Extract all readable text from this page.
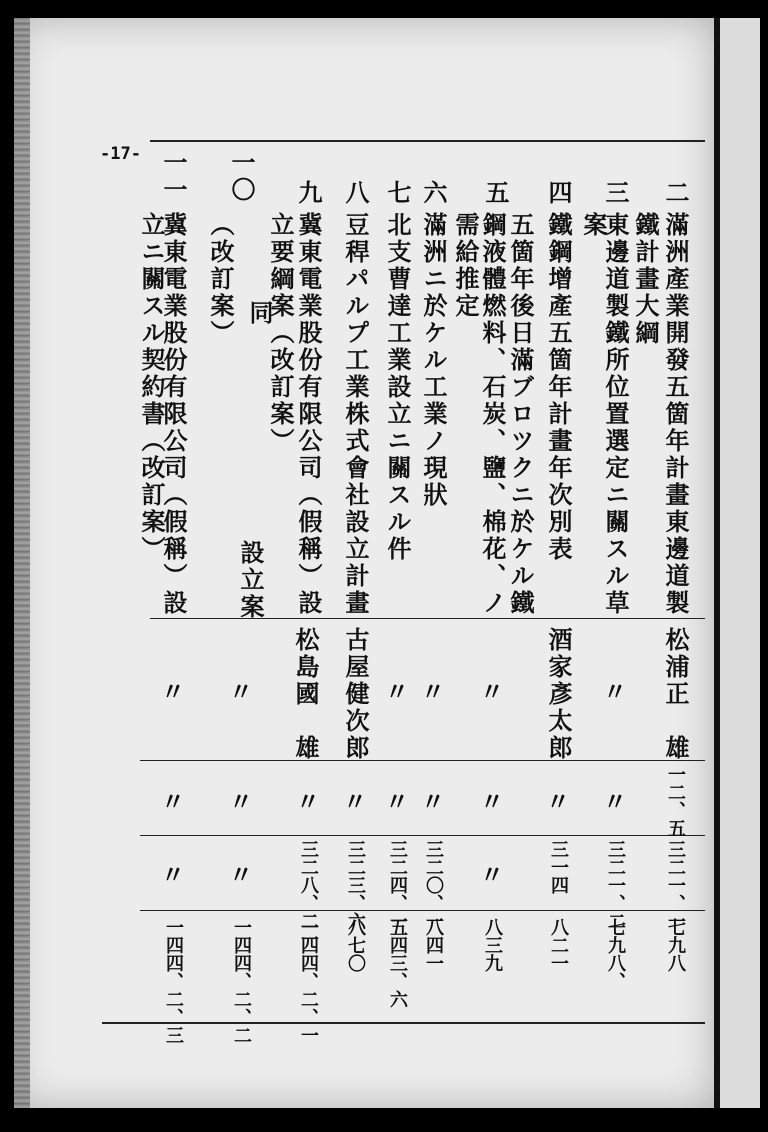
-17-
二
滿洲產業開發五箇年計畫東邊道製
松浦正　雄
一二、五
三二一、一
七九八
鐵計畫大綱
三
東邊道製鐵所位置選定ニ關スル草
〃
〃
三二一、二
七九八、
案
四
鐵鋼增產五箇年計畫年次別表
酒家彥太郎
〃
三一四
八二一
五
五箇年後日滿ブロツクニ於ケル鐵
鋼液體燃料、石炭、鹽、棉花、ノ
〃
〃
〃
八三九
需給推定
六
滿洲ニ於ケル工業ノ現狀
〃
〃
三二〇、一
八四一
七
北支曹達工業設立ニ關スル件
〃
〃
三二四、一
五四三、六
八
豆稈パルプ工業株式會社設立計畫
古屋健次郎
〃
三二三、六
八七〇
九
冀東電業股份有限公司（假稱）設
〃
三二八、二一
一四四、二、一
立要綱案（改訂案）
松島國　雄
一〇
同
〃
〃
〃
一四四、二、二
（改訂案）
設立案
一一
冀東電業股份有限公司（假稱）設
〃
〃
〃
一四四、二、三
立ニ關スル契約書（改訂案）
